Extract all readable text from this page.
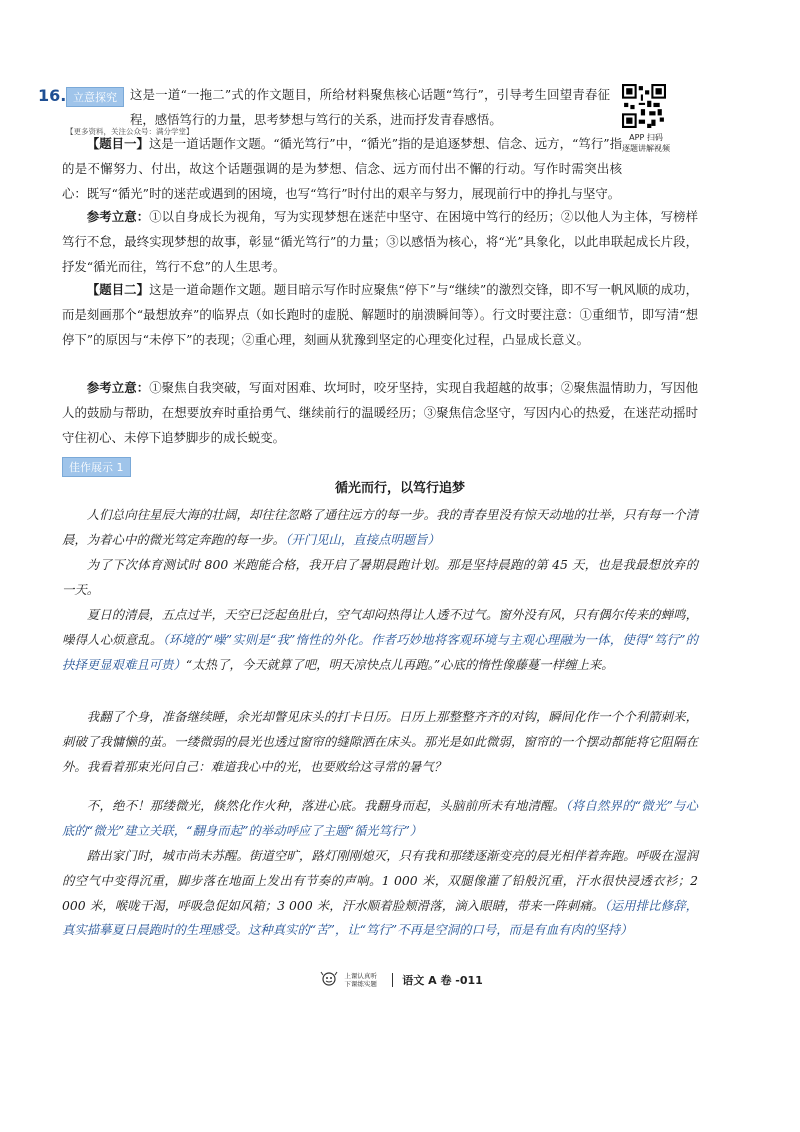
16. 立意探究	这是一道“一拖二”式的作文题目，所给材料聚焦核心话题“笃行”，引导考生回望青春征程，感悟笃行的力量，思考梦想与笃行的关系，进而抒发青春感悟。

【更多资料，关注公众号：满分学堂】
APP 扫码
逐题讲解视频

【题目一】这是一道话题作文题。“循光笃行”中，“循光”指的是追逐梦想、信念、远方，“笃行”指的是不懈努力、付出，故这个话题强调的是为梦想、信念、远方而付出不懈的行动。写作时需突出核心：既写“循光”时的迷茫或遇到的困境，也写“笃行”时付出的艰辛与努力，展现前行中的挣扎与坚守。

参考立意：①以自身成长为视角，写为实现梦想在迷茫中坚守、在困境中笃行的经历；②以他人为主体，写榜样笃行不怠，最终实现梦想的故事，彰显“循光笃行”的力量；③以感悟为核心，将“光”具象化，以此串联起成长片段，抒发“循光而往，笃行不怠”的人生思考。

【题目二】这是一道命题作文题。题目暗示写作时应聚焦“停下”与“继续”的激烈交锋，即不写一帆风顺的成功，而是刻画那个“最想放弃”的临界点（如长跑时的虚脱、解题时的崩溃瞬间等）。行文时要注意：①重细节，即写清“想停下”的原因与“未停下”的表现；②重心理，刻画从犹豫到坚定的心理变化过程，凸显成长意义。

参考立意：①聚焦自我突破，写面对困难、坎坷时，咬牙坚持，实现自我超越的故事；②聚焦温情助力，写因他人的鼓励与帮助，在想要放弃时重拾勇气、继续前行的温暖经历；③聚焦信念坚守，写因内心的热爱，在迷茫动摇时守住初心、未停下追梦脚步的成长蜕变。

佳作展示 1
循光而行，以笃行追梦

人们总向往星辰大海的壮阔，却往往忽略了通往远方的每一步。我的青春里没有惊天动地的壮举，只有每一个清晨，为着心中的微光笃定奔跑的每一步。（开门见山，直接点明题旨）

为了下次体育测试时 800 米跑能合格，我开启了暑期晨跑计划。那是坚持晨跑的第 45 天，也是我最想放弃的一天。

夏日的清晨，五点过半，天空已泛起鱼肚白，空气却闷热得让人透不过气。窗外没有风，只有偶尔传来的蝉鸣，噪得人心烦意乱。（环境的“噪”实则是“我”惰性的外化。作者巧妙地将客观环境与主观心理融为一体，使得“笃行”的抉择更显艰难且可贵）“太热了，今天就算了吧，明天凉快点儿再跑。”心底的惰性像藤蔓一样缠上来。

我翻了个身，准备继续睡，余光却瞥见床头的打卡日历。日历上那整整齐齐的对钩，瞬间化作一个个利箭刺来，刺破了我慵懒的茧。一缕微弱的晨光也透过窗帘的缝隙洒在床头。那光是如此微弱，窗帘的一个摆动都能将它阻隔在外。我看着那束光问自己：难道我心中的光，也要败给这寻常的暑气？

不，绝不！那缕微光，倏然化作火种，落进心底。我翻身而起，头脑前所未有地清醒。（将自然界的“微光”与心底的“微光”建立关联，“翻身而起”的举动呼应了主题“循光笃行”）

踏出家门时，城市尚未苏醒。街道空旷，路灯刚刚熄灭，只有我和那缕逐渐变亮的晨光相伴着奔跑。呼吸在湿润的空气中变得沉重，脚步落在地面上发出有节奏的声响。1 000 米，双腿像灌了铅般沉重，汗水很快浸透衣衫；2 000 米，喉咙干渴，呼吸急促如风箱；3 000 米，汗水顺着脸颊滑落，滴入眼睛，带来一阵刺痛。（运用排比修辞，真实描摹夏日晨跑时的生理感受。这种真实的“苦”，让“笃行”不再是空洞的口号，而是有血有肉的坚持）

上课认真听
下课练实题 语文 A 卷 -011
